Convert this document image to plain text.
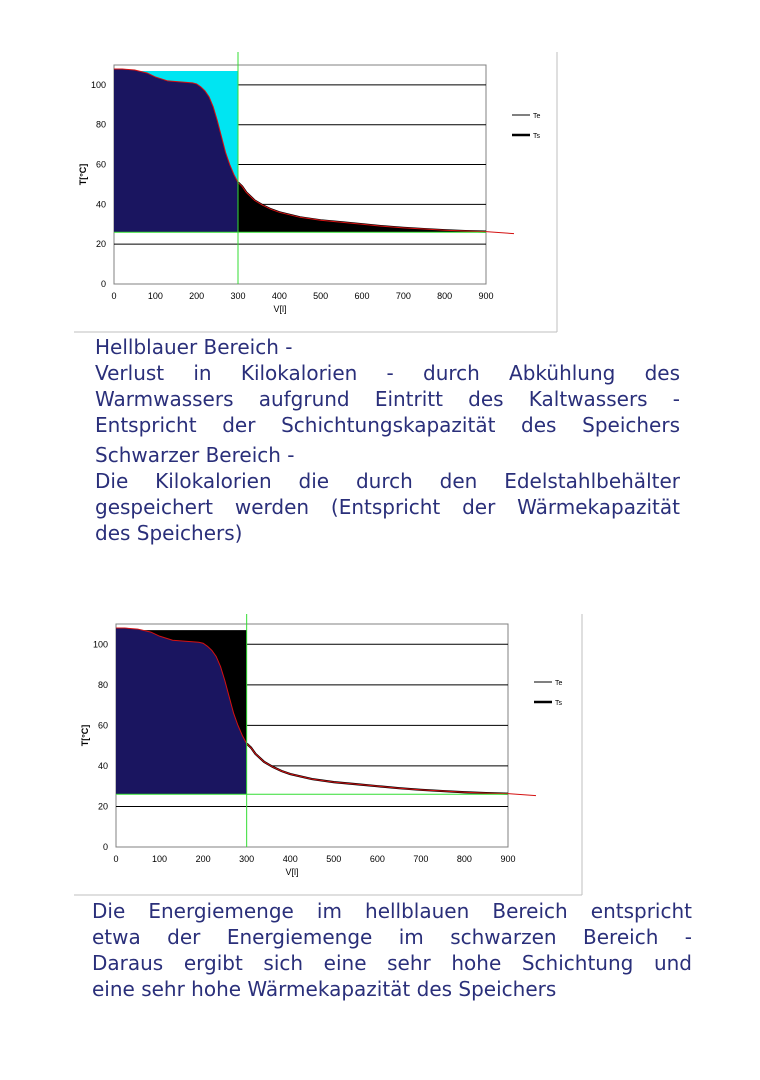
0
20
40
60
80
100
0	100	200	300	400	500	600	700	800	900
V[l]
T[°C]
Te
Ts
0
20
40
60
80
100
0	100	200	300	400	500	600	700	800	900
V[l]
T[°C]
Te
Ts
Hellblauer Bereich -
Verlust in Kilokalorien - durch Abkühlung des
Warmwassers aufgrund Eintritt des Kaltwassers -
Entspricht der Schichtungskapazität des Speichers
Schwarzer Bereich -
Die Kilokalorien die durch den Edelstahlbehälter
gespeichert werden (Entspricht der Wärmekapazität
des Speichers)
Die Energiemenge im hellblauen Bereich entspricht
etwa der Energiemenge im schwarzen Bereich -
Daraus ergibt sich eine sehr hohe Schichtung und
eine sehr hohe Wärmekapazität des Speichers
